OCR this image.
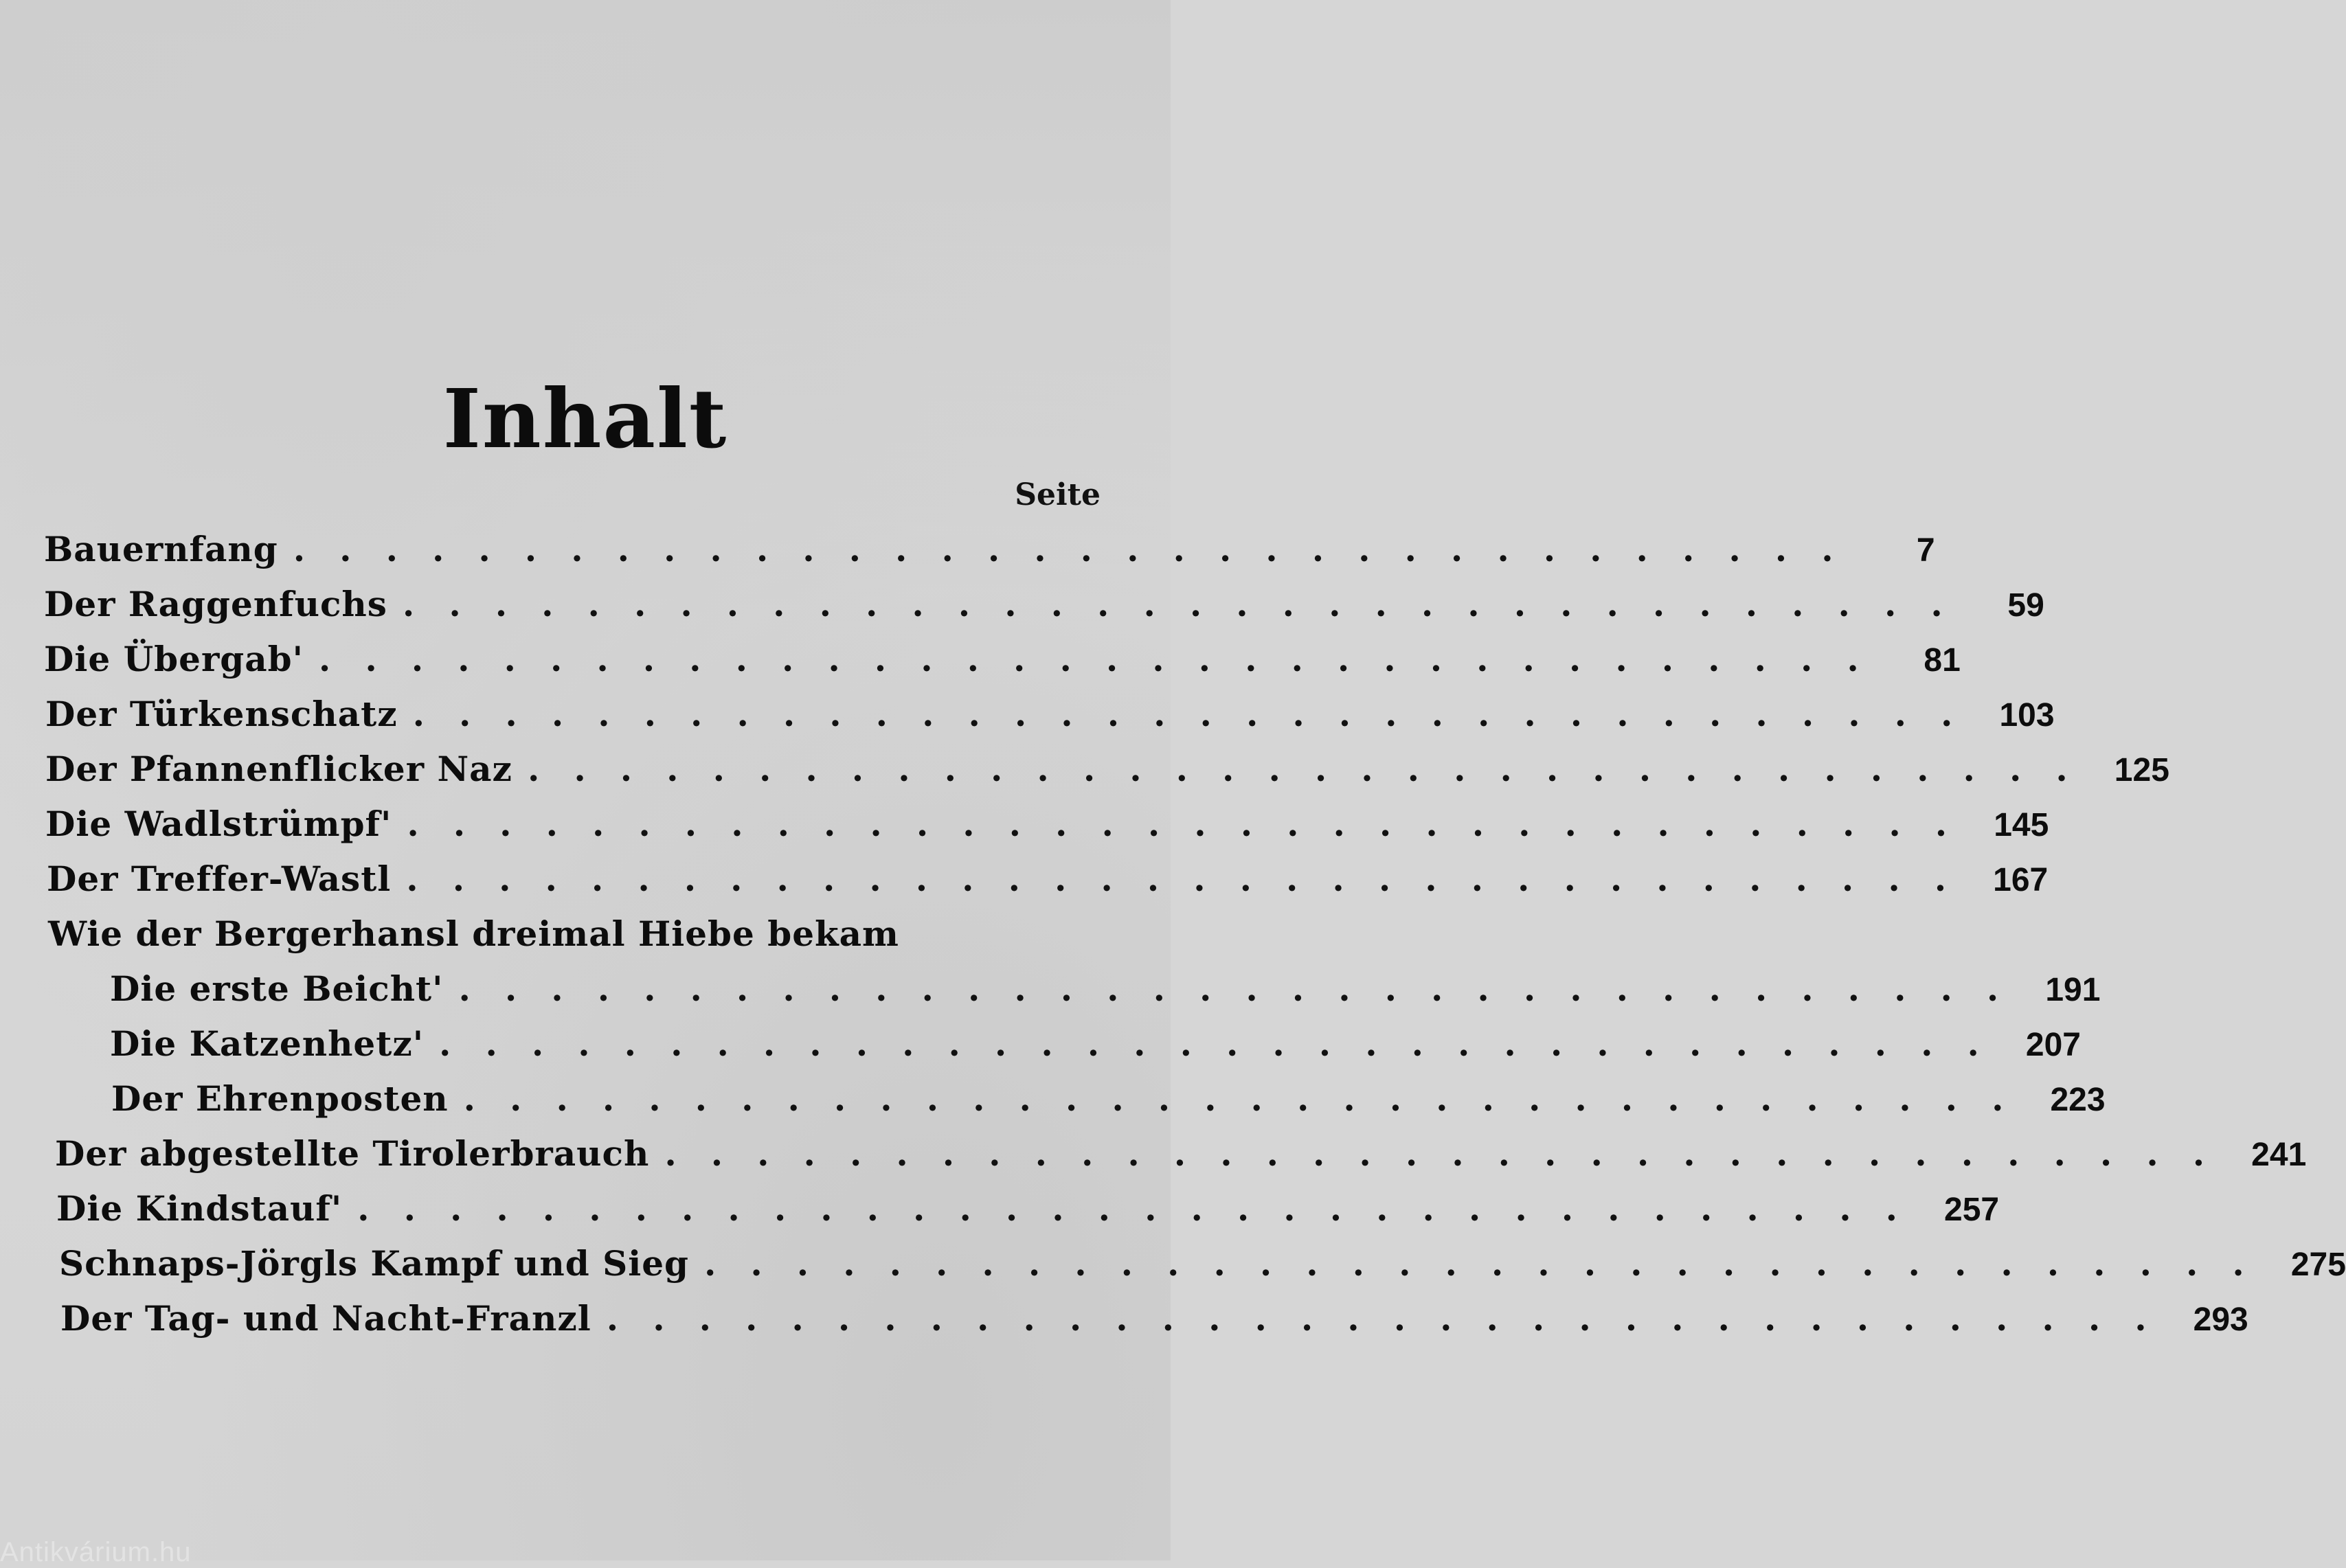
Inhalt
Seite
Bauernfang ..................................	7
Der Raggenfuchs .................................. 59
Die Übergab' .................................. 81
Der Türkenschatz .................................. 103
Der Pfannenflicker Naz .................................. 125
Die Wadlstrümpf' .................................. 145
Der Treffer-Wastl .................................. 167
Wie der Bergerhansl dreimal Hiebe bekam
Die erste Beicht' .................................. 191
Die Katzenhetz' .................................. 207
Der Ehrenposten .................................. 223
Der abgestellte Tirolerbrauch .................................. 241
Die Kindstauf' .................................. 257
Schnaps-Jörgls Kampf und Sieg .................................. 275
Der Tag- und Nacht-Franzl .................................. 293
Antikvárium.hu
